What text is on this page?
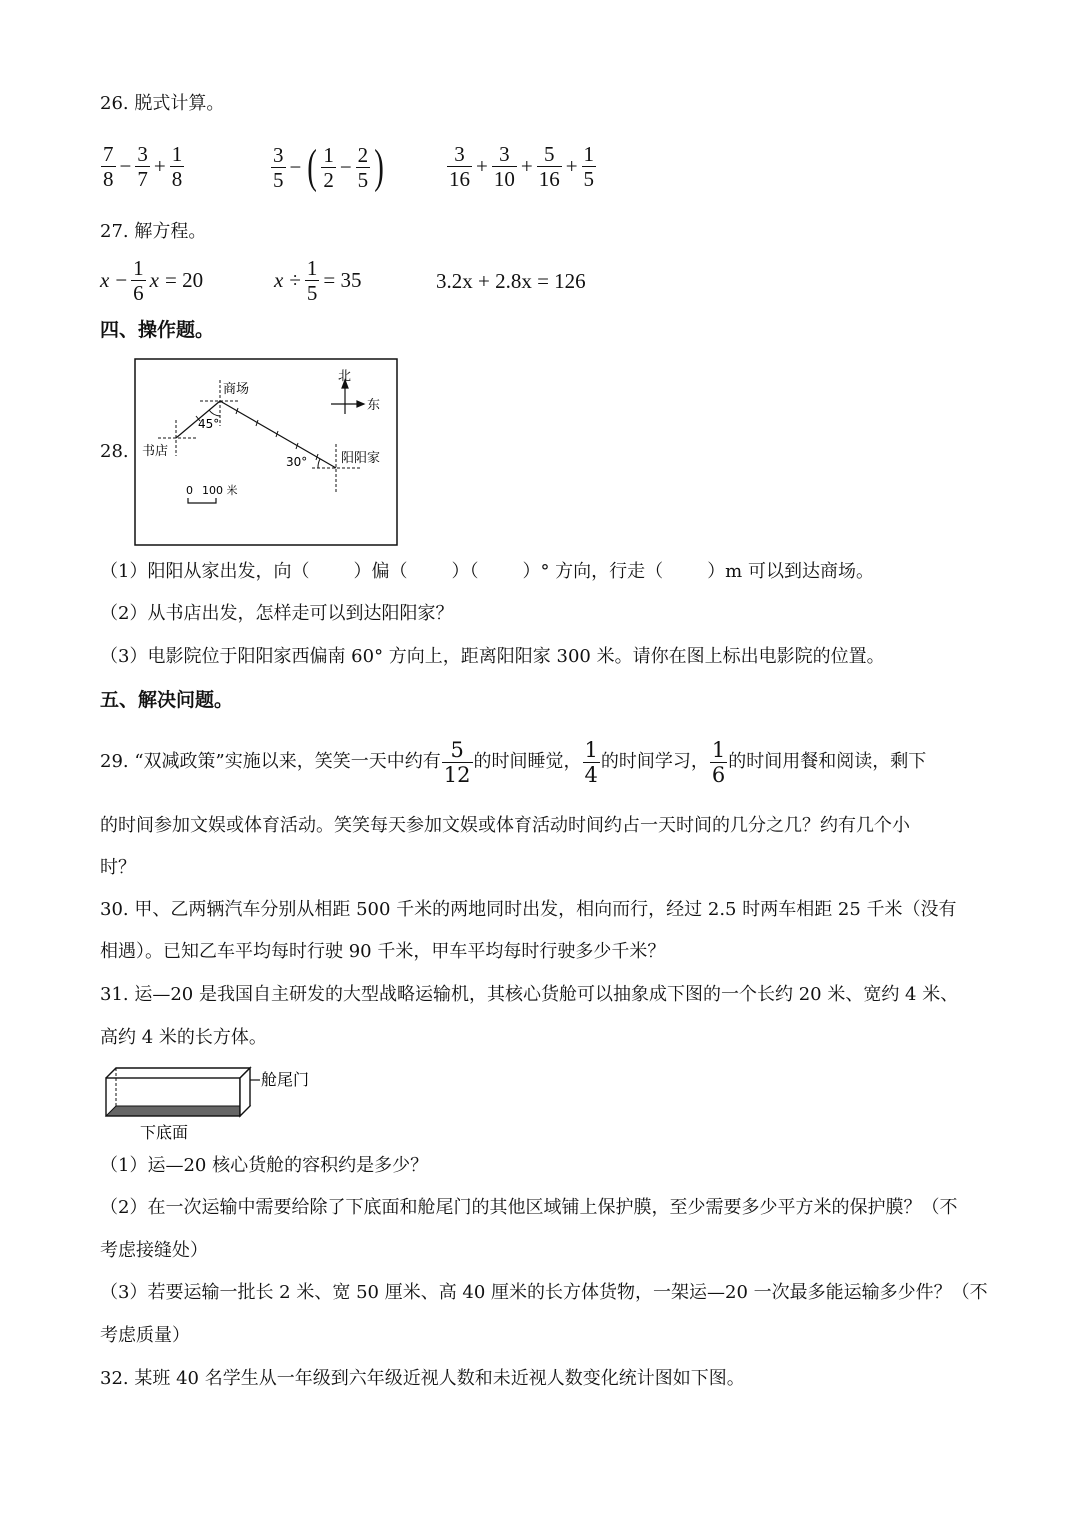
26. 脱式计算。
$\frac{7}{8} - \frac{3}{7} + \frac{1}{8}$	$\frac{3}{5}$ − ( $\frac{1}{2} - \frac{2}{5}$ )	$\frac{3}{16} + \frac{3}{10} + \frac{5}{16} + \frac{1}{5}$
27. 解方程。
$x - \frac{1}{6}$ x = 20	$x \div \frac{1}{5} = 35$	3.2x + 2.8x = 126
四、操作题。
28.
北
东
45°
30°
商场
书店	阳阳家
0 100 米
（1）阳阳从家出发，向（ ）偏（ ）（ ）° 方向，行走（ ）m 可以到达商场。
（2）从书店出发，怎样走可以到达阳阳家？
（3）电影院位于阳阳家西偏南 60° 方向上，距离阳阳家 300 米。请你在图上标出电影院的位置。
五、解决问题。
29. “双减政策”实施以来，笑笑一天中约有 $\frac{5}{12}$ 的时间睡觉， $\frac{1}{4}$ 的时间学习， $\frac{1}{6}$ 的时间用餐和阅读，剩下
的时间参加文娱或体育活动。笑笑每天参加文娱或体育活动时间约占一天时间的几分之几？约有几个小
时？
30. 甲、乙两辆汽车分别从相距 500 千米的两地同时出发，相向而行，经过 2.5 时两车相距 25 千米（没有
相遇）。已知乙车平均每时行驶 90 千米，甲车平均每时行驶多少千米？
31. 运—20 是我国自主研发的大型战略运输机，其核心货舱可以抽象成下图的一个长约 20 米、宽约 4 米、
高约 4 米的长方体。
舱尾门
下底面
（1）运—20 核心货舱的容积约是多少？
（2）在一次运输中需要给除了下底面和舱尾门的其他区域铺上保护膜，至少需要多少平方米的保护膜？（不
考虑接缝处）
（3）若要运输一批长 2 米、宽 50 厘米、高 40 厘米的长方体货物，一架运—20 一次最多能运输多少件？（不
考虑质量）
32. 某班 40 名学生从一年级到六年级近视人数和未近视人数变化统计图如下图。
